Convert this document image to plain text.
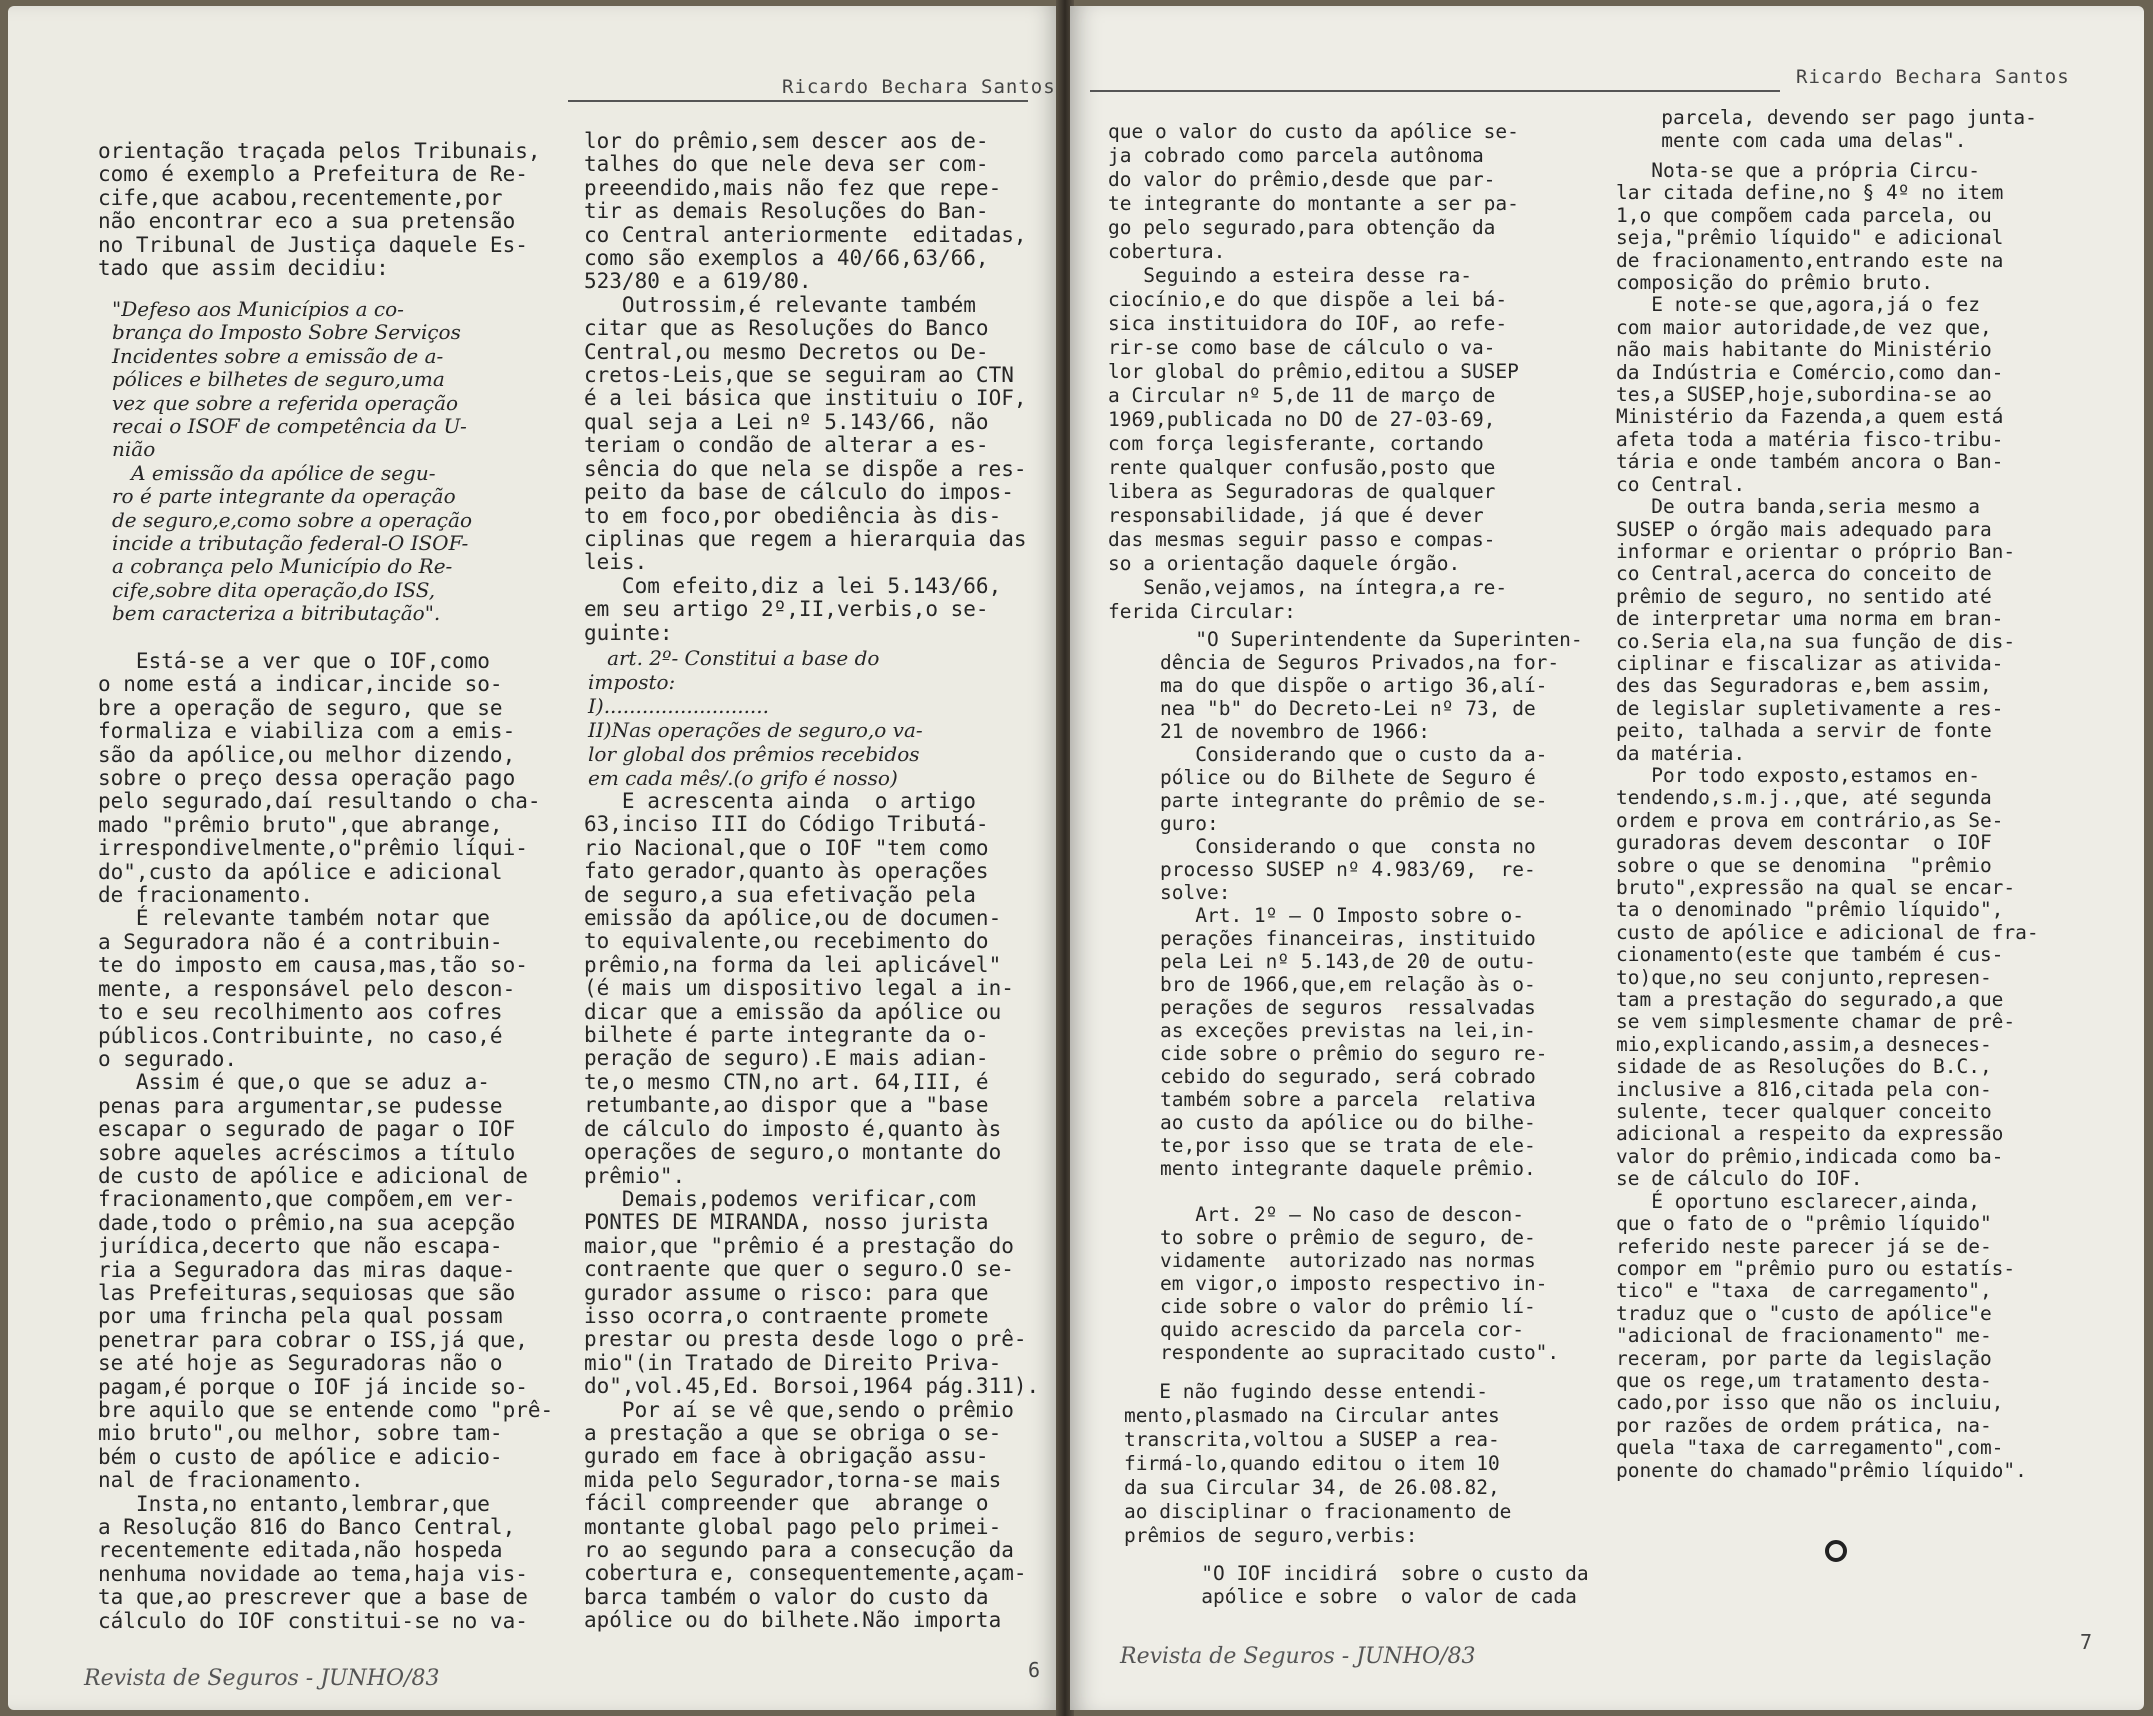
Ricardo Bechara Santos
orientação traçada pelos Tribunais,
como é exemplo a Prefeitura de Re-
cife,que acabou,recentemente,por
não encontrar eco a sua pretensão
no Tribunal de Justiça daquele Es-
tado que assim decidiu:
"Defeso aos Municípios a co-
brança do Imposto Sobre Serviços
Incidentes sobre a emissão de a-
pólices e bilhetes de seguro,uma
vez que sobre a referida operação
recai o ISOF de competência da U-
nião
A emissão da apólice de segu-
ro é parte integrante da operação
de seguro,e,como sobre a operação
incide a tributação federal-O ISOF-
a cobrança pelo Município do Re-
cife,sobre dita operação,do ISS,
bem caracteriza a bitributação".
Está-se a ver que o IOF,como
o nome está a indicar,incide so-
bre a operação de seguro, que se
formaliza e viabiliza com a emis-
são da apólice,ou melhor dizendo,
sobre o preço dessa operação pago
pelo segurado,daí resultando o cha-
mado "prêmio bruto",que abrange,
irrespondivelmente,o"prêmio líqui-
do",custo da apólice e adicional
de fracionamento.
É relevante também notar que
a Seguradora não é a contribuin-
te do imposto em causa,mas,tão so-
mente, a responsável pelo descon-
to e seu recolhimento aos cofres
públicos.Contribuinte, no caso,é
o segurado.
Assim é que,o que se aduz a-
penas para argumentar,se pudesse
escapar o segurado de pagar o IOF
sobre aqueles acréscimos a título
de custo de apólice e adicional de
fracionamento,que compõem,em ver-
dade,todo o prêmio,na sua acepção
jurídica,decerto que não escapa-
ria a Seguradora das miras daque-
las Prefeituras,sequiosas que são
por uma frincha pela qual possam
penetrar para cobrar o ISS,já que,
se até hoje as Seguradoras não o
pagam,é porque o IOF já incide so-
bre aquilo que se entende como "prê-
mio bruto",ou melhor, sobre tam-
bém o custo de apólice e adicio-
nal de fracionamento.
Insta,no entanto,lembrar,que
a Resolução 816 do Banco Central,
recentemente editada,não hospeda
nenhuma novidade ao tema,haja vis-
ta que,ao prescrever que a base de
cálculo do IOF constitui-se no va-
lor do prêmio,sem descer aos de-
talhes do que nele deva ser com-
preeendido,mais não fez que repe-
tir as demais Resoluções do Ban-
co Central anteriormente  editadas,
como são exemplos a 40/66,63/66,
523/80 e a 619/80.
Outrossim,é relevante também
citar que as Resoluções do Banco
Central,ou mesmo Decretos ou De-
cretos-Leis,que se seguiram ao CTN
é a lei básica que instituiu o IOF,
qual seja a Lei nº 5.143/66, não
teriam o condão de alterar a es-
sência do que nela se dispõe a res-
peito da base de cálculo do impos-
to em foco,por obediência às dis-
ciplinas que regem a hierarquia das
leis.
Com efeito,diz a lei 5.143/66,
em seu artigo 2º,II,verbis,o se-
guinte:
art. 2º- Constitui a base do
imposto:
I)..........................
II)Nas operações de seguro,o va-
lor global dos prêmios recebidos
em cada mês/.(o grifo é nosso)
E acrescenta ainda  o artigo
63,inciso III do Código Tributá-
rio Nacional,que o IOF "tem como
fato gerador,quanto às operações
de seguro,a sua efetivação pela
emissão da apólice,ou de documen-
to equivalente,ou recebimento do
prêmio,na forma da lei aplicável"
(é mais um dispositivo legal a in-
dicar que a emissão da apólice ou
bilhete é parte integrante da o-
peração de seguro).E mais adian-
te,o mesmo CTN,no art. 64,III, é
retumbante,ao dispor que a "base
de cálculo do imposto é,quanto às
operações de seguro,o montante do
prêmio".
Demais,podemos verificar,com
PONTES DE MIRANDA, nosso jurista
maior,que "prêmio é a prestação do
contraente que quer o seguro.O se-
gurador assume o risco: para que
isso ocorra,o contraente promete
prestar ou presta desde logo o prê-
mio"(in Tratado de Direito Priva-
do",vol.45,Ed. Borsoi,1964 pág.311).
Por aí se vê que,sendo o prêmio
a prestação a que se obriga o se-
gurado em face à obrigação assu-
mida pelo Segurador,torna-se mais
fácil compreender que  abrange o
montante global pago pelo primei-
ro ao segundo para a consecução da
cobertura e, consequentemente,açam-
barca também o valor do custo da
apólice ou do bilhete.Não importa
Revista de Seguros - JUNHO/83	6
Ricardo Bechara Santos
que o valor do custo da apólice se-
ja cobrado como parcela autônoma
do valor do prêmio,desde que par-
te integrante do montante a ser pa-
go pelo segurado,para obtenção da
cobertura.
Seguindo a esteira desse ra-
ciocínio,e do que dispõe a lei bá-
sica instituidora do IOF, ao refe-
rir-se como base de cálculo o va-
lor global do prêmio,editou a SUSEP
a Circular nº 5,de 11 de março de
1969,publicada no DO de 27-03-69,
com força legisferante, cortando
rente qualquer confusão,posto que
libera as Seguradoras de qualquer
responsabilidade, já que é dever
das mesmas seguir passo e compas-
so a orientação daquele órgão.
Senão,vejamos, na íntegra,a re-
ferida Circular:
"O Superintendente da Superinten-
dência de Seguros Privados,na for-
ma do que dispõe o artigo 36,alí-
nea "b" do Decreto-Lei nº 73, de
21 de novembro de 1966:
Considerando que o custo da a-
pólice ou do Bilhete de Seguro é
parte integrante do prêmio de se-
guro:
Considerando o que  consta no
processo SUSEP nº 4.983/69,  re-
solve:
Art. 1º — O Imposto sobre o-
perações financeiras, instituido
pela Lei nº 5.143,de 20 de outu-
bro de 1966,que,em relação às o-
perações de seguros  ressalvadas
as exceções previstas na lei,in-
cide sobre o prêmio do seguro re-
cebido do segurado, será cobrado
também sobre a parcela  relativa
ao custo da apólice ou do bilhe-
te,por isso que se trata de ele-
mento integrante daquele prêmio.

Art. 2º — No caso de descon-
to sobre o prêmio de seguro, de-
vidamente  autorizado nas normas
em vigor,o imposto respectivo in-
cide sobre o valor do prêmio lí-
quido acrescido da parcela cor-
respondente ao supracitado custo".
E não fugindo desse entendi-
mento,plasmado na Circular antes
transcrita,voltou a SUSEP a rea-
firmá-lo,quando editou o item 10
da sua Circular 34, de 26.08.82,
ao disciplinar o fracionamento de
prêmios de seguro,verbis:
"O IOF incidirá  sobre o custo da
apólice e sobre  o valor de cada
parcela, devendo ser pago junta-
mente com cada uma delas".
Nota-se que a própria Circu-
lar citada define,no § 4º no item
1,o que compõem cada parcela, ou
seja,"prêmio líquido" e adicional
de fracionamento,entrando este na
composição do prêmio bruto.
E note-se que,agora,já o fez
com maior autoridade,de vez que,
não mais habitante do Ministério
da Indústria e Comércio,como dan-
tes,a SUSEP,hoje,subordina-se ao
Ministério da Fazenda,a quem está
afeta toda a matéria fisco-tribu-
tária e onde também ancora o Ban-
co Central.
De outra banda,seria mesmo a
SUSEP o órgão mais adequado para
informar e orientar o próprio Ban-
co Central,acerca do conceito de
prêmio de seguro, no sentido até
de interpretar uma norma em bran-
co.Seria ela,na sua função de dis-
ciplinar e fiscalizar as ativida-
des das Seguradoras e,bem assim,
de legislar supletivamente a res-
peito, talhada a servir de fonte
da matéria.
Por todo exposto,estamos en-
tendendo,s.m.j.,que, até segunda
ordem e prova em contrário,as Se-
guradoras devem descontar  o IOF
sobre o que se denomina  "prêmio
bruto",expressão na qual se encar-
ta o denominado "prêmio líquido",
custo de apólice e adicional de fra-
cionamento(este que também é cus-
to)que,no seu conjunto,represen-
tam a prestação do segurado,a que
se vem simplesmente chamar de prê-
mio,explicando,assim,a desneces-
sidade de as Resoluções do B.C.,
inclusive a 816,citada pela con-
sulente, tecer qualquer conceito
adicional a respeito da expressão
valor do prêmio,indicada como ba-
se de cálculo do IOF.
É oportuno esclarecer,ainda,
que o fato de o "prêmio líquido"
referido neste parecer já se de-
compor em "prêmio puro ou estatís-
tico" e "taxa  de carregamento",
traduz que o "custo de apólice"e
"adicional de fracionamento" me-
receram, por parte da legislação
que os rege,um tratamento desta-
cado,por isso que não os incluiu,
por razões de ordem prática, na-
quela "taxa de carregamento",com-
ponente do chamado"prêmio líquido".
Revista de Seguros - JUNHO/83
7
